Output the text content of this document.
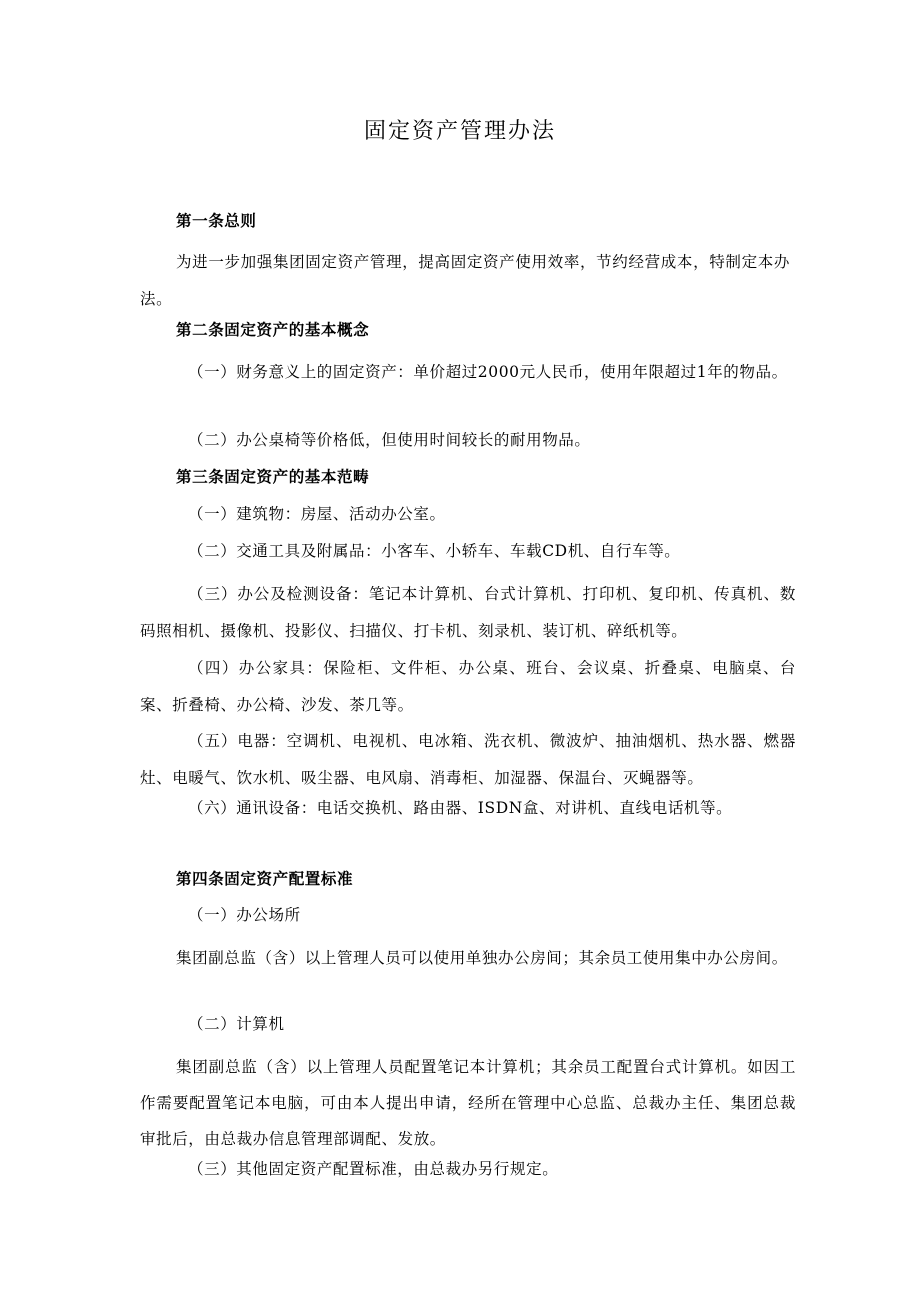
固定资产管理办法
第一条总则
为进一步加强集团固定资产管理，提高固定资产使用效率，节约经营成本，特制定本办法。
第二条固定资产的基本概念
（一）财务意义上的固定资产：单价超过2000元人民币，使用年限超过1年的物品。
（二）办公桌椅等价格低，但使用时间较长的耐用物品。
第三条固定资产的基本范畴
（一）建筑物：房屋、活动办公室。
（二）交通工具及附属品：小客车、小轿车、车载CD机、自行车等。
（三）办公及检测设备：笔记本计算机、台式计算机、打印机、复印机、传真机、数码照相机、摄像机、投影仪、扫描仪、打卡机、刻录机、装订机、碎纸机等。
（四）办公家具：保险柜、文件柜、办公桌、班台、会议桌、折叠桌、电脑桌、台案、折叠椅、办公椅、沙发、茶几等。
（五）电器：空调机、电视机、电冰箱、洗衣机、微波炉、抽油烟机、热水器、燃器灶、电暖气、饮水机、吸尘器、电风扇、消毒柜、加湿器、保温台、灭蝇器等。
（六）通讯设备：电话交换机、路由器、ISDN盒、对讲机、直线电话机等。
第四条固定资产配置标准
（一）办公场所
集团副总监（含）以上管理人员可以使用单独办公房间；其余员工使用集中办公房间。
（二）计算机
集团副总监（含）以上管理人员配置笔记本计算机；其余员工配置台式计算机。如因工作需要配置笔记本电脑，可由本人提出申请，经所在管理中心总监、总裁办主任、集团总裁审批后，由总裁办信息管理部调配、发放。
（三）其他固定资产配置标准，由总裁办另行规定。
